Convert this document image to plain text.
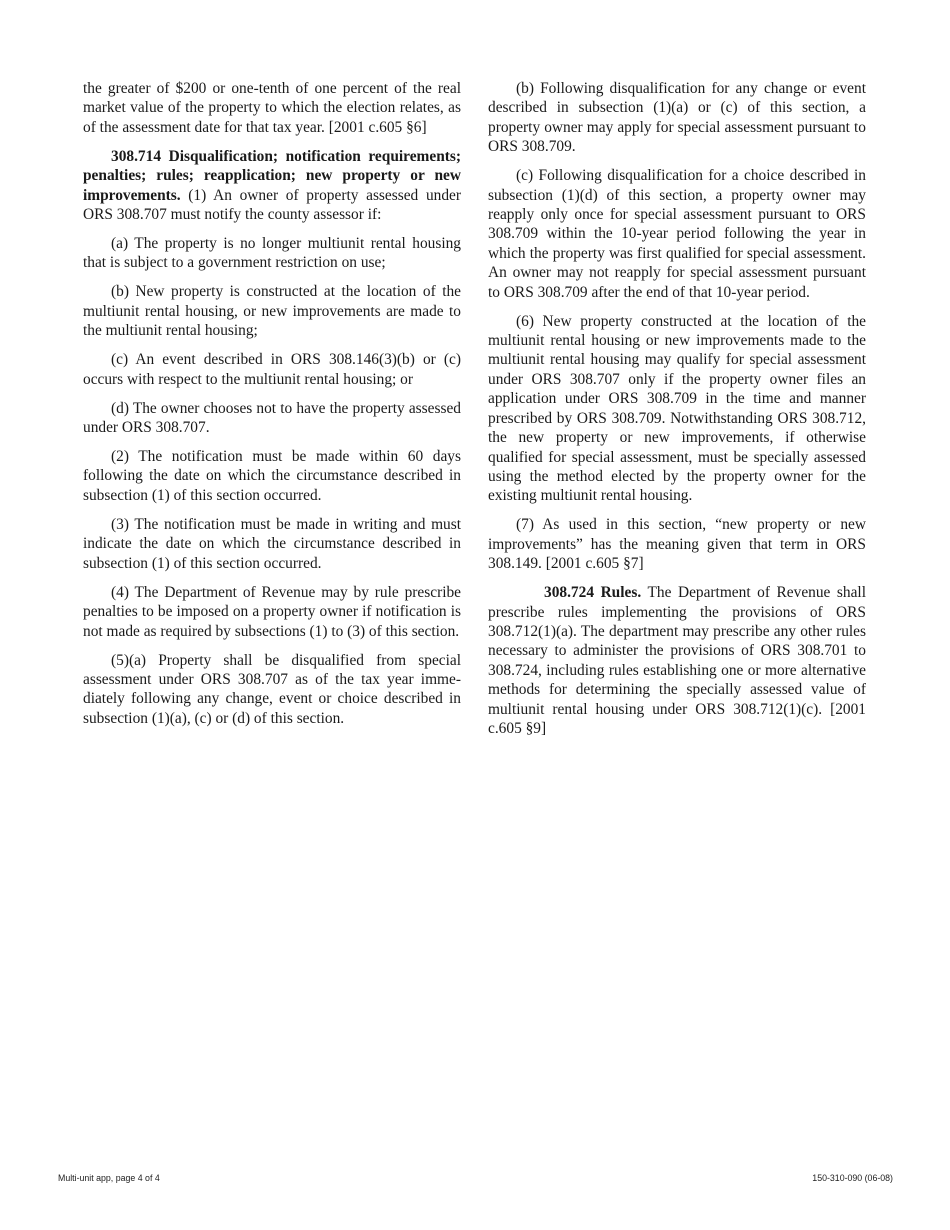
the greater of $200 or one-tenth of one percent of the real market value of the property to which the election relates, as of the assessment date for that tax year. [2001 c.605 §6]

308.714 Disqualification; notification requirements; penalties; rules; reapplication; new property or new improvements. (1) An owner of property assessed under ORS 308.707 must notify the county assessor if:

(a) The property is no longer multiunit rental housing that is subject to a government restriction on use;

(b) New property is constructed at the location of the multiunit rental housing, or new improvements are made to the multiunit rental housing;

(c) An event described in ORS 308.146(3)(b) or (c) occurs with respect to the multiunit rental housing; or

(d) The owner chooses not to have the property assessed under ORS 308.707.

(2) The notification must be made within 60 days following the date on which the circumstance described in subsection (1) of this section occurred.

(3) The notification must be made in writing and must indicate the date on which the circumstance described in subsection (1) of this section occurred.

(4) The Department of Revenue may by rule prescribe penalties to be imposed on a property owner if notification is not made as required by subsections (1) to (3) of this section.

(5)(a) Property shall be disqualified from special assessment under ORS 308.707 as of the tax year immediately following any change, event or choice described in subsection (1)(a), (c) or (d) of this section.

(b) Following disqualification for any change or event described in subsection (1)(a) or (c) of this section, a property owner may apply for special assessment pursuant to ORS 308.709.

(c) Following disqualification for a choice described in subsection (1)(d) of this section, a property owner may reapply only once for special assessment pursuant to ORS 308.709 within the 10-year period following the year in which the property was first qualified for special assessment. An owner may not reapply for special assessment pursuant to ORS 308.709 after the end of that 10-year period.

(6) New property constructed at the location of the multiunit rental housing or new improvements made to the multiunit rental housing may qualify for special assessment under ORS 308.707 only if the property owner files an application under ORS 308.709 in the time and manner prescribed by ORS 308.709. Notwithstanding ORS 308.712, the new property or new improvements, if otherwise qualified for special assessment, must be specially assessed using the method elected by the property owner for the existing multiunit rental housing.

(7) As used in this section, “new property or new improvements” has the meaning given that term in ORS 308.149. [2001 c.605 §7]

308.724 Rules. The Department of Revenue shall prescribe rules implementing the provisions of ORS 308.712(1)(a). The department may prescribe any other rules necessary to administer the provisions of ORS 308.701 to 308.724, including rules establishing one or more alternative methods for determining the specially assessed value of multiunit rental housing under ORS 308.712(1)(c). [2001 c.605 §9]

Multi-unit app, page 4 of 4	150-310-090 (06-08)
